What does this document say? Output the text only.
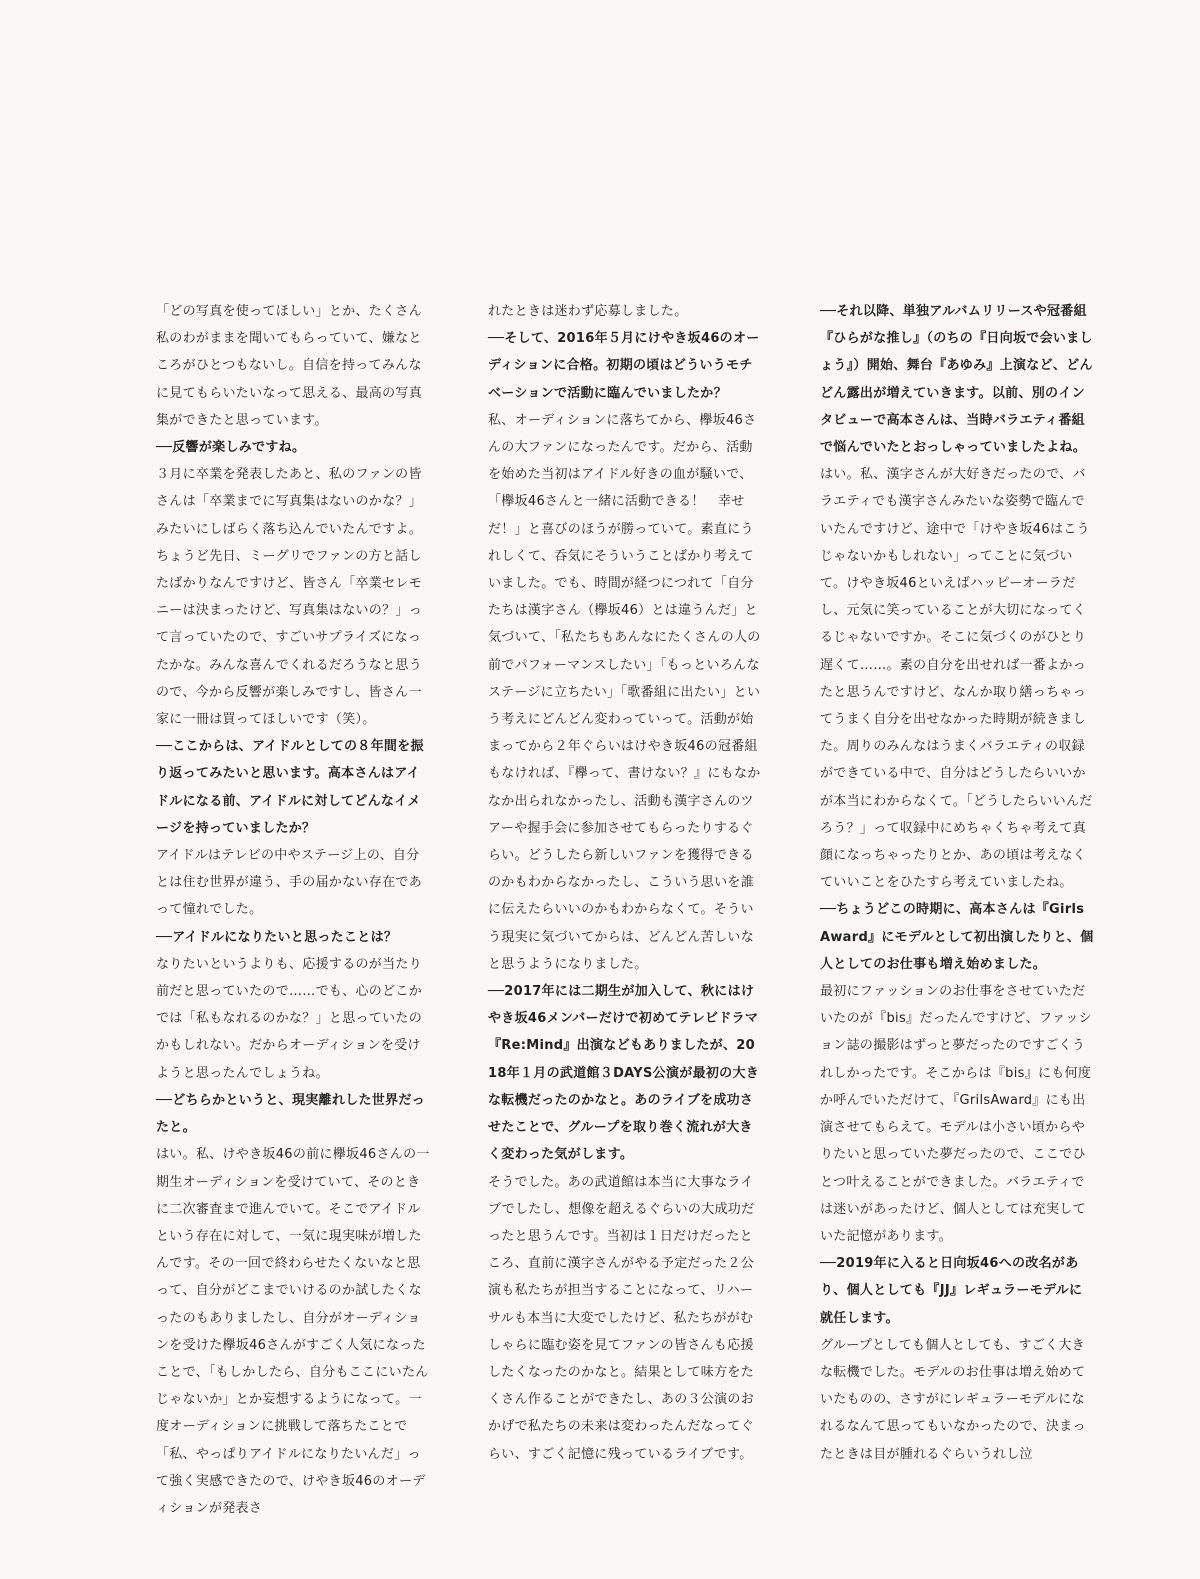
「どの写真を使ってほしい」とか、たくさん私のわがままを聞いてもらっていて、嫌なところがひとつもないし。自信を持ってみんなに見てもらいたいなって思える、最高の写真集ができたと思っています。

──反響が楽しみですね。

３月に卒業を発表したあと、私のファンの皆さんは「卒業までに写真集はないのかな？」みたいにしばらく落ち込んでいたんですよ。ちょうど先日、ミーグリでファンの方と話したばかりなんですけど、皆さん「卒業セレモニーは決まったけど、写真集はないの？」って言っていたので、すごいサプライズになったかな。みんな喜んでくれるだろうなと思うので、今から反響が楽しみですし、皆さん一家に一冊は買ってほしいです（笑）。

──ここからは、アイドルとしての８年間を振り返ってみたいと思います。高本さんはアイドルになる前、アイドルに対してどんなイメージを持っていましたか？

アイドルはテレビの中やステージ上の、自分とは住む世界が違う、手の届かない存在であって憧れでした。

──アイドルになりたいと思ったことは？

なりたいというよりも、応援するのが当たり前だと思っていたので……でも、心のどこかでは「私もなれるのかな？」と思っていたのかもしれない。だからオーディションを受けようと思ったんでしょうね。

──どちらかというと、現実離れした世界だったと。

はい。私、けやき坂46の前に欅坂46さんの一期生オーディションを受けていて、そのときに二次審査まで進んでいて。そこでアイドルという存在に対して、一気に現実味が増したんです。その一回で終わらせたくないなと思って、自分がどこまでいけるのか試したくなったのもありましたし、自分がオーディションを受けた欅坂46さんがすごく人気になったことで、「もしかしたら、自分もここにいたんじゃないか」とか妄想するようになって。一度オーディションに挑戦して落ちたことで「私、やっぱりアイドルになりたいんだ」って強く実感できたので、けやき坂46のオーディションが発表さ

れたときは迷わず応募しました。

──そして、2016年５月にけやき坂46のオーディションに合格。初期の頃はどういうモチベーションで活動に臨んでいましたか？

私、オーディションに落ちてから、欅坂46さんの大ファンになったんです。だから、活動を始めた当初はアイドル好きの血が騒いで、「欅坂46さんと一緒に活動できる！　幸せだ！」と喜びのほうが勝っていて。素直にうれしくて、呑気にそういうことばかり考えていました。でも、時間が経つにつれて「自分たちは漢字さん（欅坂46）とは違うんだ」と気づいて、「私たちもあんなにたくさんの人の前でパフォーマンスしたい」「もっといろんなステージに立ちたい」「歌番組に出たい」という考えにどんどん変わっていって。活動が始まってから２年ぐらいはけやき坂46の冠番組もなければ、『欅って、書けない？』にもなかなか出られなかったし、活動も漢字さんのツアーや握手会に参加させてもらったりするぐらい。どうしたら新しいファンを獲得できるのかもわからなかったし、こういう思いを誰に伝えたらいいのかもわからなくて。そういう現実に気づいてからは、どんどん苦しいなと思うようになりました。

──2017年には二期生が加入して、秋にはけやき坂46メンバーだけで初めてテレビドラマ『Re:Mind』出演などもありましたが、2018年１月の武道館３DAYS公演が最初の大きな転機だったのかなと。あのライブを成功させたことで、グループを取り巻く流れが大きく変わった気がします。

そうでした。あの武道館は本当に大事なライブでしたし、想像を超えるぐらいの大成功だったと思うんです。当初は１日だけだったところ、直前に漢字さんがやる予定だった２公演も私たちが担当することになって、リハーサルも本当に大変でしたけど、私たちががむしゃらに臨む姿を見てファンの皆さんも応援したくなったのかなと。結果として味方をたくさん作ることができたし、あの３公演のおかげで私たちの未来は変わったんだなってぐらい、すごく記憶に残っているライブです。

──それ以降、単独アルバムリリースや冠番組『ひらがな推し』（のちの『日向坂で会いましょう』）開始、舞台『あゆみ』上演など、どんどん露出が増えていきます。以前、別のインタビューで高本さんは、当時バラエティ番組で悩んでいたとおっしゃっていましたよね。

はい。私、漢字さんが大好きだったので、バラエティでも漢字さんみたいな姿勢で臨んでいたんですけど、途中で「けやき坂46はこうじゃないかもしれない」ってことに気づいて。けやき坂46といえばハッピーオーラだし、元気に笑っていることが大切になってくるじゃないですか。そこに気づくのがひとり遅くて……。素の自分を出せれば一番よかったと思うんですけど、なんか取り繕っちゃってうまく自分を出せなかった時期が続きました。周りのみんなはうまくバラエティの収録ができている中で、自分はどうしたらいいかが本当にわからなくて。「どうしたらいいんだろう？」って収録中にめちゃくちゃ考えて真顔になっちゃったりとか、あの頃は考えなくていいことをひたすら考えていましたね。

──ちょうどこの時期に、高本さんは『GirlsAward』にモデルとして初出演したりと、個人としてのお仕事も増え始めました。

最初にファッションのお仕事をさせていただいたのが『bis』だったんですけど、ファッション誌の撮影はずっと夢だったのですごくうれしかったです。そこからは『bis』にも何度か呼んでいただけて、『GrilsAward』にも出演させてもらえて。モデルは小さい頃からやりたいと思っていた夢だったので、ここでひとつ叶えることができました。バラエティでは迷いがあったけど、個人としては充実していた記憶があります。

──2019年に入ると日向坂46への改名があり、個人としても『JJ』レギュラーモデルに就任します。

グループとしても個人としても、すごく大きな転機でした。モデルのお仕事は増え始めていたものの、さすがにレギュラーモデルになれるなんて思ってもいなかったので、決まったときは目が腫れるぐらいうれし泣
